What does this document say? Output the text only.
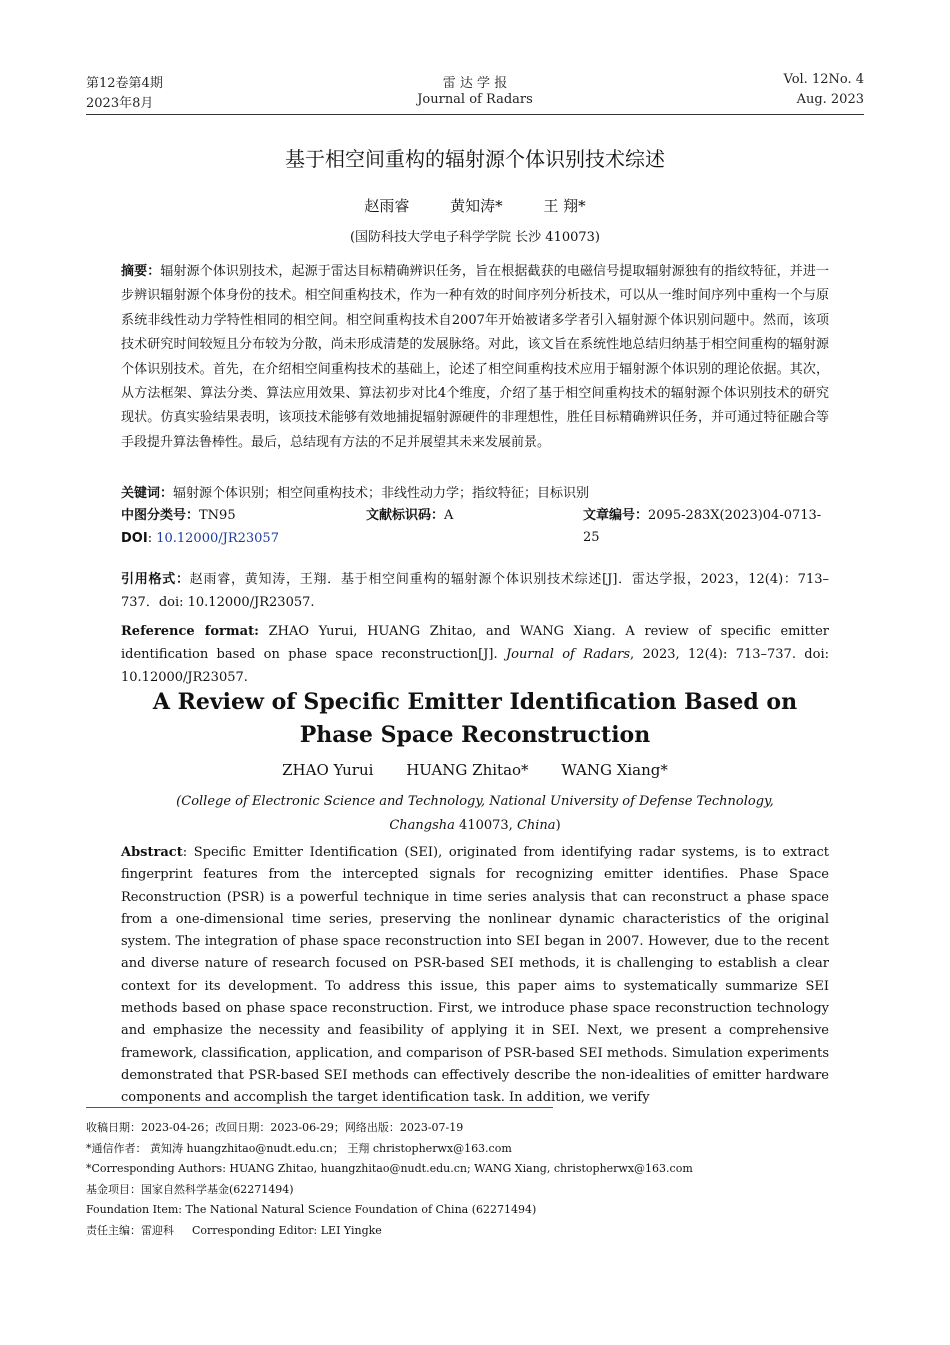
第12卷第4期	雷 达 学 报	Vol. 12No. 4
2023年8月	Journal of Radars	Aug. 2023
基于相空间重构的辐射源个体识别技术综述
赵雨睿	黄知涛*	王 翔*
(国防科技大学电子科学学院 长沙 410073)
摘要：辐射源个体识别技术，起源于雷达目标精确辨识任务，旨在根据截获的电磁信号提取辐射源独有的指纹特征，并进一步辨识辐射源个体身份的技术。相空间重构技术，作为一种有效的时间序列分析技术，可以从一维时间序列中重构一个与原系统非线性动力学特性相同的相空间。相空间重构技术自2007年开始被诸多学者引入辐射源个体识别问题中。然而，该项技术研究时间较短且分布较为分散，尚未形成清楚的发展脉络。对此，该文旨在系统性地总结归纳基于相空间重构的辐射源个体识别技术。首先，在介绍相空间重构技术的基础上，论述了相空间重构技术应用于辐射源个体识别的理论依据。其次，从方法框架、算法分类、算法应用效果、算法初步对比4个维度，介绍了基于相空间重构技术的辐射源个体识别技术的研究现状。仿真实验结果表明，该项技术能够有效地捕捉辐射源硬件的非理想性，胜任目标精确辨识任务，并可通过特征融合等手段提升算法鲁棒性。最后，总结现有方法的不足并展望其未来发展前景。
关键词：辐射源个体识别；相空间重构技术；非线性动力学；指纹特征；目标识别
中图分类号：TN95	文献标识码：A	文章编号：2095-283X(2023)04-0713-25
DOI: 10.12000/JR23057
引用格式：赵雨睿，黄知涛，王翔．基于相空间重构的辐射源个体识别技术综述[J]．雷达学报，2023，12(4)：713–737．doi: 10.12000/JR23057.
Reference format: ZHAO Yurui, HUANG Zhitao, and WANG Xiang. A review of specific emitter identification based on phase space reconstruction[J]. Journal of Radars, 2023, 12(4): 713–737. doi: 10.12000/JR23057.
A Review of Specific Emitter Identification Based on
Phase Space Reconstruction
ZHAO Yurui HUANG Zhitao* WANG Xiang*
(College of Electronic Science and Technology, National University of Defense Technology,
Changsha 410073, China)
Abstract: Specific Emitter Identification (SEI), originated from identifying radar systems, is to extract fingerprint features from the intercepted signals for recognizing emitter identifies. Phase Space Reconstruction (PSR) is a powerful technique in time series analysis that can reconstruct a phase space from a one-dimensional time series, preserving the nonlinear dynamic characteristics of the original system. The integration of phase space reconstruction into SEI began in 2007. However, due to the recent and diverse nature of research focused on PSR-based SEI methods, it is challenging to establish a clear context for its development. To address this issue, this paper aims to systematically summarize SEI methods based on phase space reconstruction. First, we introduce phase space reconstruction technology and emphasize the necessity and feasibility of applying it in SEI. Next, we present a comprehensive framework, classification, application, and comparison of PSR-based SEI methods. Simulation experiments demonstrated that PSR-based SEI methods can effectively describe the non-idealities of emitter hardware components and accomplish the target identification task. In addition, we verify
收稿日期：2023-04-26；改回日期：2023-06-29；网络出版：2023-07-19
*通信作者： 黄知涛 huangzhitao@nudt.edu.cn； 王翔 christopherwx@163.com
*Corresponding Authors: HUANG Zhitao, huangzhitao@nudt.edu.cn; WANG Xiang, christopherwx@163.com
基金项目：国家自然科学基金(62271494)
Foundation Item: The National Natural Science Foundation of China (62271494)
责任主编：雷迎科 Corresponding Editor: LEI Yingke
